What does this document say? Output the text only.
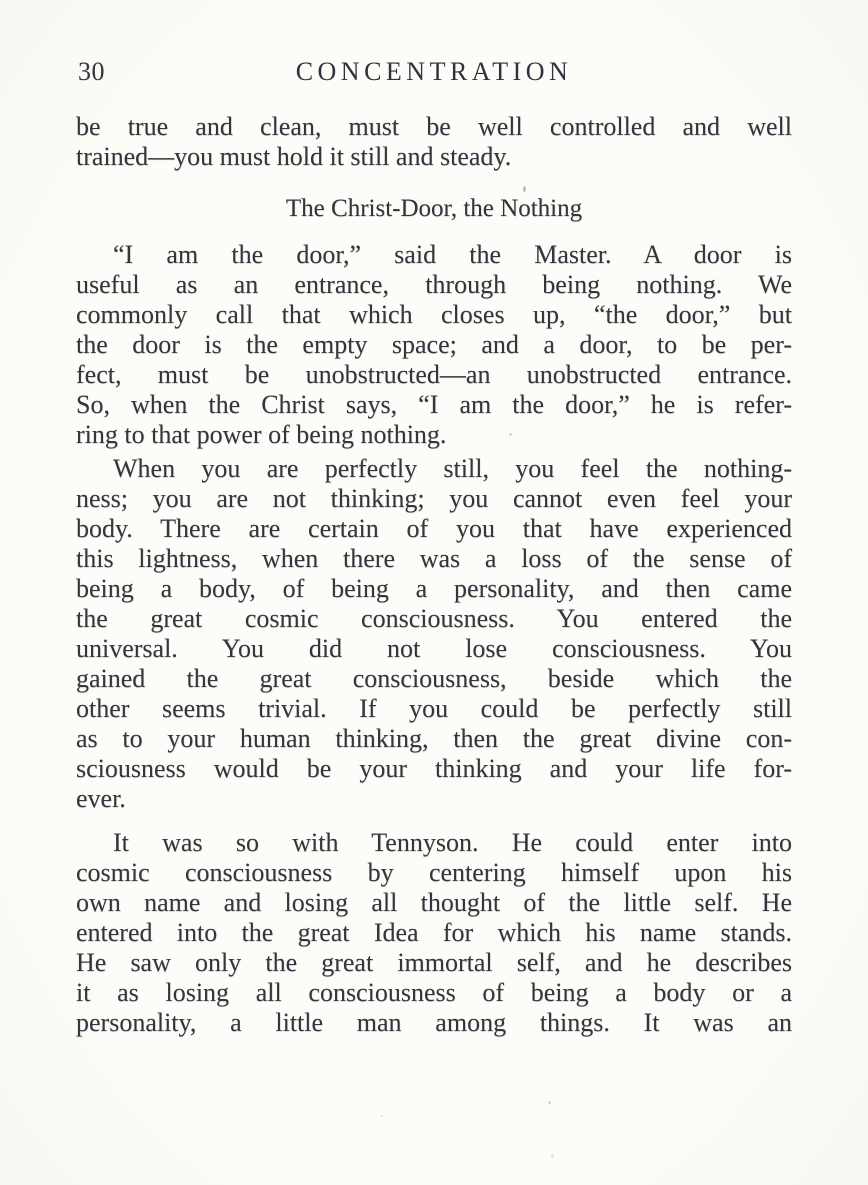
30	CONCENTRATION
be true and clean, must be well controlled and well
trained—you must hold it still and steady.
The Christ-Door, the Nothing
“I am the door,” said the Master. A door is
useful as an entrance, through being nothing. We
commonly call that which closes up, “the door,” but
the door is the empty space; and a door, to be per-
fect, must be unobstructed—an unobstructed entrance.
So, when the Christ says, “I am the door,” he is refer-
ring to that power of being nothing.
When you are perfectly still, you feel the nothing-
ness; you are not thinking; you cannot even feel your
body. There are certain of you that have experienced
this lightness, when there was a loss of the sense of
being a body, of being a personality, and then came
the great cosmic consciousness. You entered the
universal. You did not lose consciousness. You
gained the great consciousness, beside which the
other seems trivial. If you could be perfectly still
as to your human thinking, then the great divine con-
sciousness would be your thinking and your life for-
ever.
It was so with Tennyson. He could enter into
cosmic consciousness by centering himself upon his
own name and losing all thought of the little self. He
entered into the great Idea for which his name stands.
He saw only the great immortal self, and he describes
it as losing all consciousness of being a body or a
personality, a little man among things. It was an
